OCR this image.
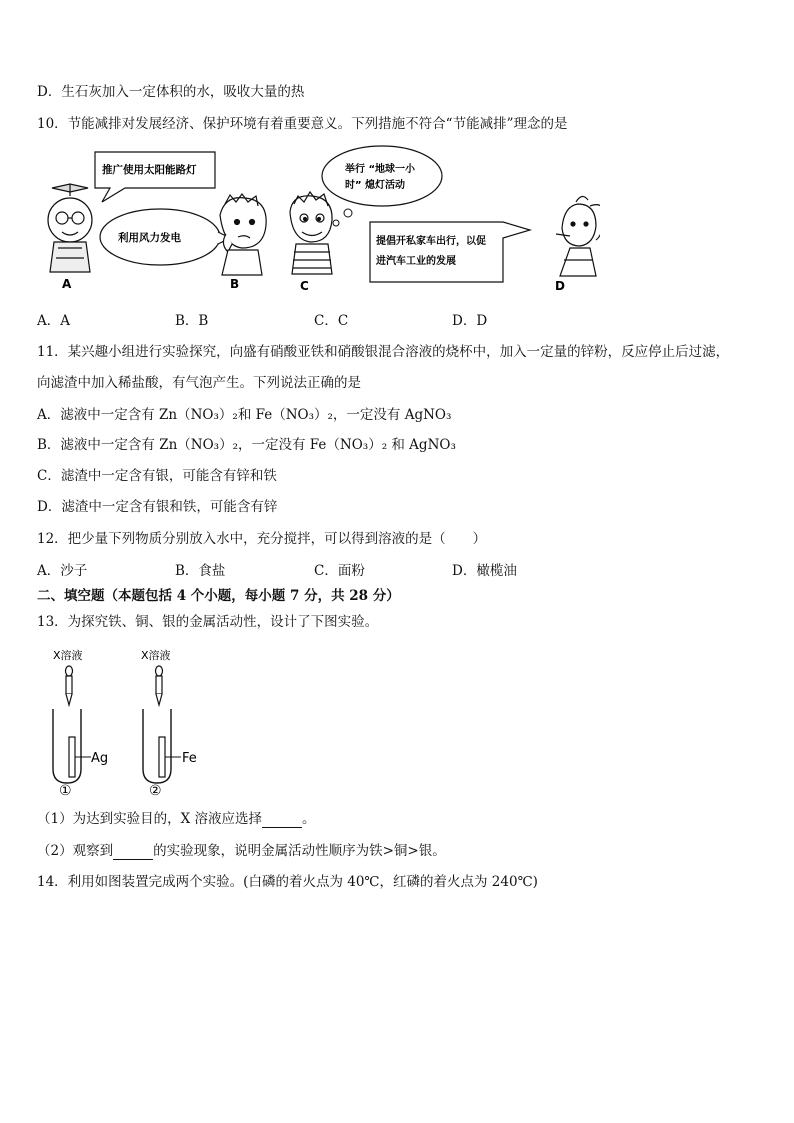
D．生石灰加入一定体积的水，吸收大量的热
10．节能减排对发展经济、保护环境有着重要意义。下列措施不符合“节能减排”理念的是
推广使用太阳能路灯
利用风力发电
举行 “地球一小
时” 熄灯活动
提倡开私家车出行，以促
进汽车工业的发展
A	B	C	D
A．A	B．B	C．C	D．D
11．某兴趣小组进行实验探究，向盛有硝酸亚铁和硝酸银混合溶液的烧杯中，加入一定量的锌粉，反应停止后过滤，
向滤渣中加入稀盐酸，有气泡产生。下列说法正确的是
A．滤液中一定含有 Zn（NO₃）₂和 Fe（NO₃）₂，一定没有 AgNO₃
B．滤液中一定含有 Zn（NO₃）₂，一定没有 Fe（NO₃）₂ 和 AgNO₃
C．滤渣中一定含有银，可能含有锌和铁
D．滤渣中一定含有银和铁，可能含有锌
12．把少量下列物质分别放入水中，充分搅拌，可以得到溶液的是（　　）
A．沙子	B．食盐	C．面粉	D．橄榄油
二、填空题（本题包括 4 个小题，每小题 7 分，共 28 分）
13．为探究铁、铜、银的金属活动性，设计了下图实验。
X溶液
Ag
①
X溶液
Fe
②
（1）为达到实验目的，X 溶液应选择	。
（2）观察到	的实验现象，说明金属活动性顺序为铁>铜>银。
14．利用如图装置完成两个实验。(白磷的着火点为 40℃，红磷的着火点为 240℃)
